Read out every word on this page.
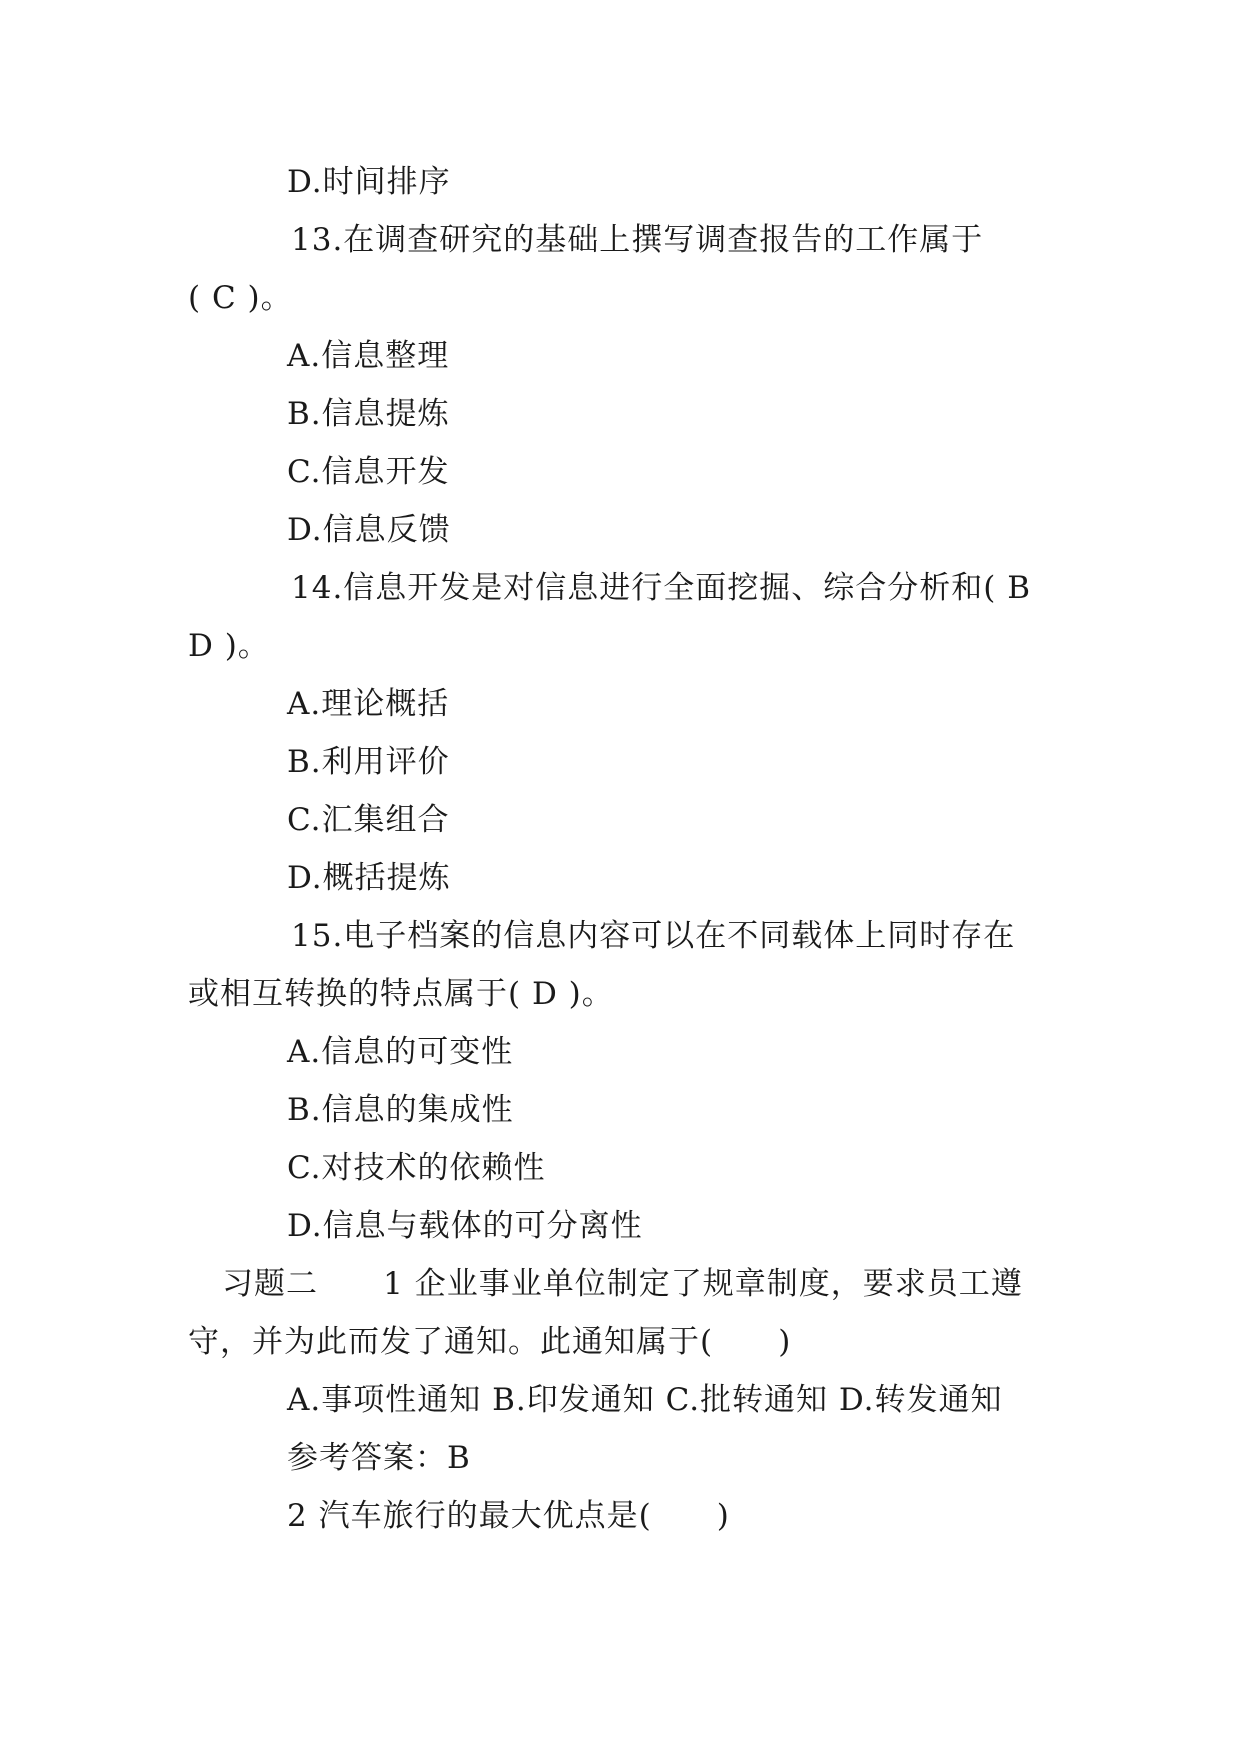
D.时间排序
13.在调查研究的基础上撰写调查报告的工作属于
( C )。
A.信息整理
B.信息提炼
C.信息开发
D.信息反馈
14.信息开发是对信息进行全面挖掘、综合分析和( B
D )。
A.理论概括
B.利用评价
C.汇集组合
D.概括提炼
15.电子档案的信息内容可以在不同载体上同时存在
或相互转换的特点属于( D )。
A.信息的可变性
B.信息的集成性
C.对技术的依赖性
D.信息与载体的可分离性
习题二      1 企业事业单位制定了规章制度，要求员工遵
守，并为此而发了通知。此通知属于(      )
A.事项性通知 B.印发通知 C.批转通知 D.转发通知
参考答案：B
2 汽车旅行的最大优点是(      )
